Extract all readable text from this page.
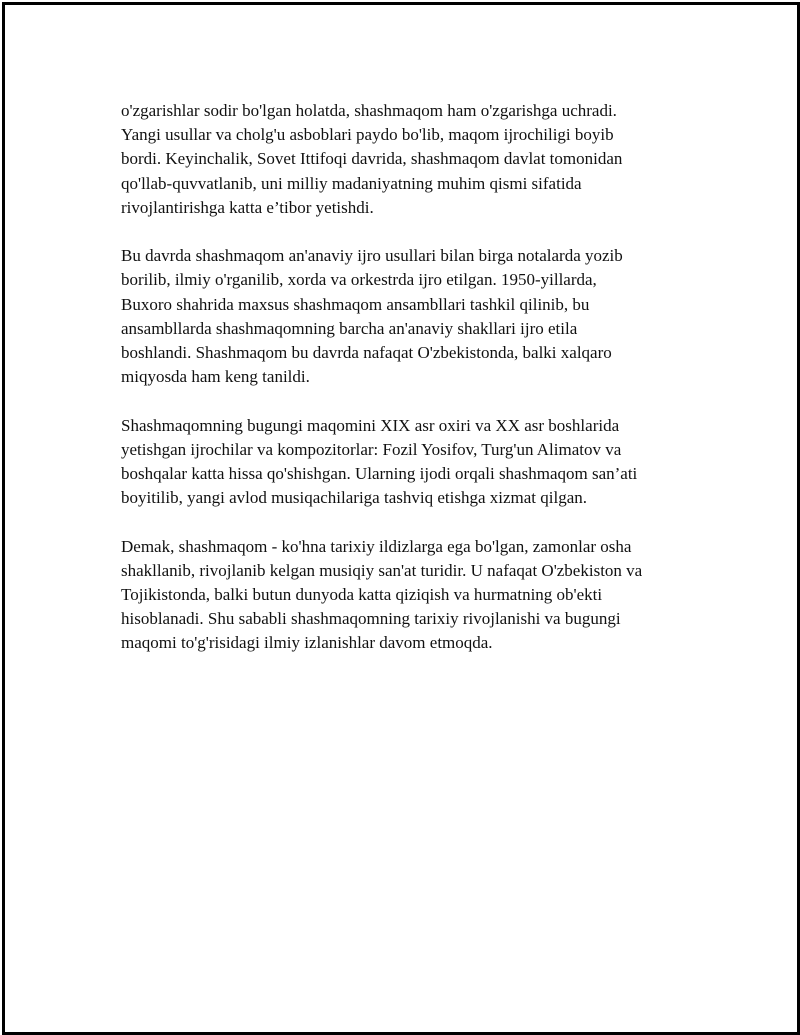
o'zgarishlar sodir bo'lgan holatda, shashmaqom ham o'zgarishga uchradi.
Yangi usullar va cholg'u asboblari paydo bo'lib, maqom ijrochiligi boyib
bordi. Keyinchalik, Sovet Ittifoqi davrida, shashmaqom davlat tomonidan
qo'llab-quvvatlanib, uni milliy madaniyatning muhim qismi sifatida
rivojlantirishga katta e’tibor yetishdi.

Bu davrda shashmaqom an'anaviy ijro usullari bilan birga notalarda yozib
borilib, ilmiy o'rganilib, xorda va orkestrda ijro etilgan. 1950-yillarda,
Buxoro shahrida maxsus shashmaqom ansambllari tashkil qilinib, bu
ansambllarda shashmaqomning barcha an'anaviy shakllari ijro etila
boshlandi. Shashmaqom bu davrda nafaqat O'zbekistonda, balki xalqaro
miqyosda ham keng tanildi.

Shashmaqomning bugungi maqomini XIX asr oxiri va XX asr boshlarida
yetishgan ijrochilar va kompozitorlar: Fozil Yosifov, Turg'un Alimatov va
boshqalar katta hissa qo'shishgan. Ularning ijodi orqali shashmaqom san’ati
boyitilib, yangi avlod musiqachilariga tashviq etishga xizmat qilgan.

Demak, shashmaqom - ko'hna tarixiy ildizlarga ega bo'lgan, zamonlar osha
shakllanib, rivojlanib kelgan musiqiy san'at turidir. U nafaqat O'zbekiston va
Tojikistonda, balki butun dunyoda katta qiziqish va hurmatning ob'ekti
hisoblanadi. Shu sababli shashmaqomning tarixiy rivojlanishi va bugungi
maqomi to'g'risidagi ilmiy izlanishlar davom etmoqda.
